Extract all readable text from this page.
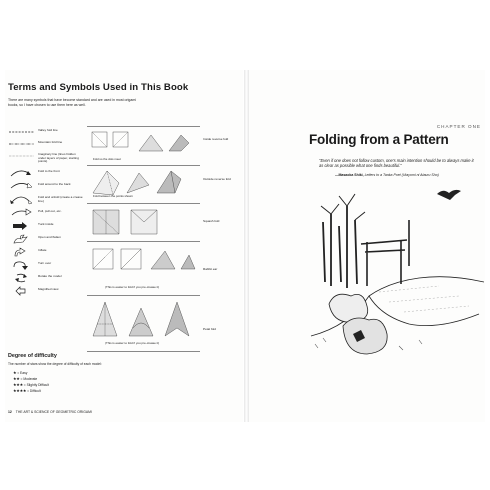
Terms and Symbols Used in This Book
There are many symbols that have become standard and are used in most origami books, so I have chosen to use them here as well.
Valley fold line
Mountain fold line
Imaginary line (lines hidden under layers of paper, starting points)
Fold to the front
Fold around to the back
Fold and unfold (create a crease line)
Pull, pull out, etc.
Tuck inside
Open and flatten
Inflate
Turn over
Rotate the model
Magnified view
Fold so the dots meet
Fold between the points shown
(This is easier to fold if you pre-crease it)
(This is easier to fold if you pre-crease it)
Inside reverse fold
Outside reverse fold
Squash fold
Rabbit ear
Petal fold
Degree of difficulty
The number of stars show the degree of difficulty of each model:
★ = Easy
★★ = Moderate
★★★ = Slightly Difficult
★★★★ = Difficult
12 THE ART & SCIENCE OF GEOMETRIC ORIGAMI
CHAPTER ONE
Folding from a Pattern
"Even if one does not follow custom, one's main intention should be to always make it as clear as possible what one finds beautiful."
—Masaoka Shiki, Letters to a Tanka Poet (Utayomi ni Atauru Sho)
